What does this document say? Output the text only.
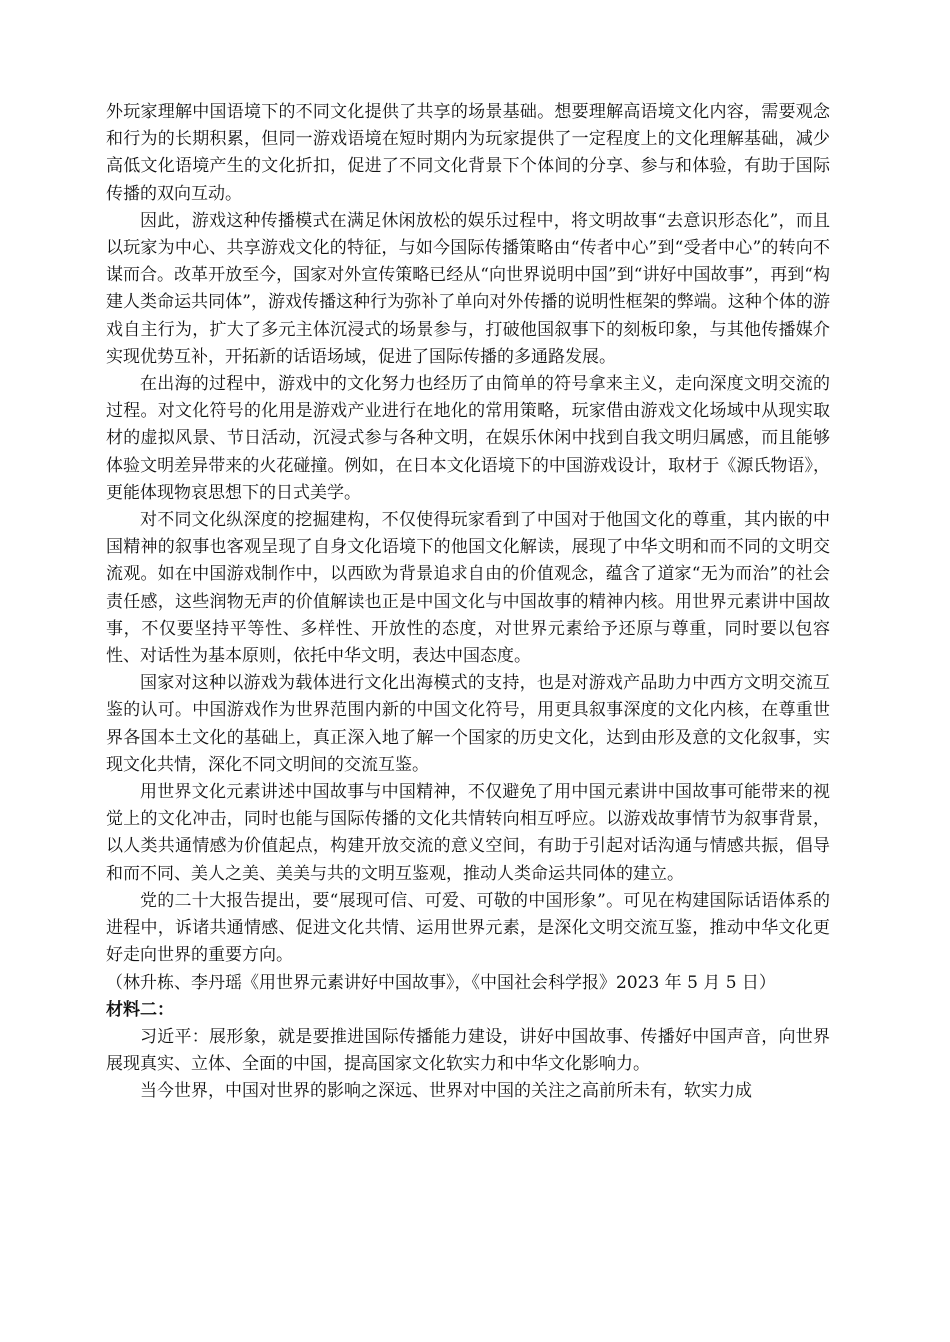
外玩家理解中国语境下的不同文化提供了共享的场景基础。想要理解高语境文化内容，需要观念和行为的长期积累，但同一游戏语境在短时期内为玩家提供了一定程度上的文化理解基础，减少高低文化语境产生的文化折扣，促进了不同文化背景下个体间的分享、参与和体验，有助于国际传播的双向互动。

因此，游戏这种传播模式在满足休闲放松的娱乐过程中，将文明故事“去意识形态化”，而且以玩家为中心、共享游戏文化的特征，与如今国际传播策略由“传者中心”到“受者中心”的转向不谋而合。改革开放至今，国家对外宣传策略已经从“向世界说明中国”到“讲好中国故事”，再到“构建人类命运共同体”，游戏传播这种行为弥补了单向对外传播的说明性框架的弊端。这种个体的游戏自主行为，扩大了多元主体沉浸式的场景参与，打破他国叙事下的刻板印象，与其他传播媒介实现优势互补，开拓新的话语场域，促进了国际传播的多通路发展。

在出海的过程中，游戏中的文化努力也经历了由简单的符号拿来主义，走向深度文明交流的过程。对文化符号的化用是游戏产业进行在地化的常用策略，玩家借由游戏文化场域中从现实取材的虚拟风景、节日活动，沉浸式参与各种文明，在娱乐休闲中找到自我文明归属感，而且能够体验文明差异带来的火花碰撞。例如，在日本文化语境下的中国游戏设计，取材于《源氏物语》，更能体现物哀思想下的日式美学。

对不同文化纵深度的挖掘建构，不仅使得玩家看到了中国对于他国文化的尊重，其内嵌的中国精神的叙事也客观呈现了自身文化语境下的他国文化解读，展现了中华文明和而不同的文明交流观。如在中国游戏制作中，以西欧为背景追求自由的价值观念，蕴含了道家“无为而治”的社会责任感，这些润物无声的价值解读也正是中国文化与中国故事的精神内核。用世界元素讲中国故事，不仅要坚持平等性、多样性、开放性的态度，对世界元素给予还原与尊重，同时要以包容性、对话性为基本原则，依托中华文明，表达中国态度。

国家对这种以游戏为载体进行文化出海模式的支持，也是对游戏产品助力中西方文明交流互鉴的认可。中国游戏作为世界范围内新的中国文化符号，用更具叙事深度的文化内核，在尊重世界各国本土文化的基础上，真正深入地了解一个国家的历史文化，达到由形及意的文化叙事，实现文化共情，深化不同文明间的交流互鉴。

用世界文化元素讲述中国故事与中国精神，不仅避免了用中国元素讲中国故事可能带来的视觉上的文化冲击，同时也能与国际传播的文化共情转向相互呼应。以游戏故事情节为叙事背景，以人类共通情感为价值起点，构建开放交流的意义空间，有助于引起对话沟通与情感共振，倡导和而不同、美人之美、美美与共的文明互鉴观，推动人类命运共同体的建立。

党的二十大报告提出，要“展现可信、可爱、可敬的中国形象”。可见在构建国际话语体系的进程中，诉诸共通情感、促进文化共情、运用世界元素，是深化文明交流互鉴，推动中华文化更好走向世界的重要方向。

（林升栋、李丹瑶《用世界元素讲好中国故事》，《中国社会科学报》2023 年 5 月 5 日）

材料二：

习近平：展形象，就是要推进国际传播能力建设，讲好中国故事、传播好中国声音，向世界展现真实、立体、全面的中国，提高国家文化软实力和中华文化影响力。

当今世界，中国对世界的影响之深远、世界对中国的关注之高前所未有，软实力成
